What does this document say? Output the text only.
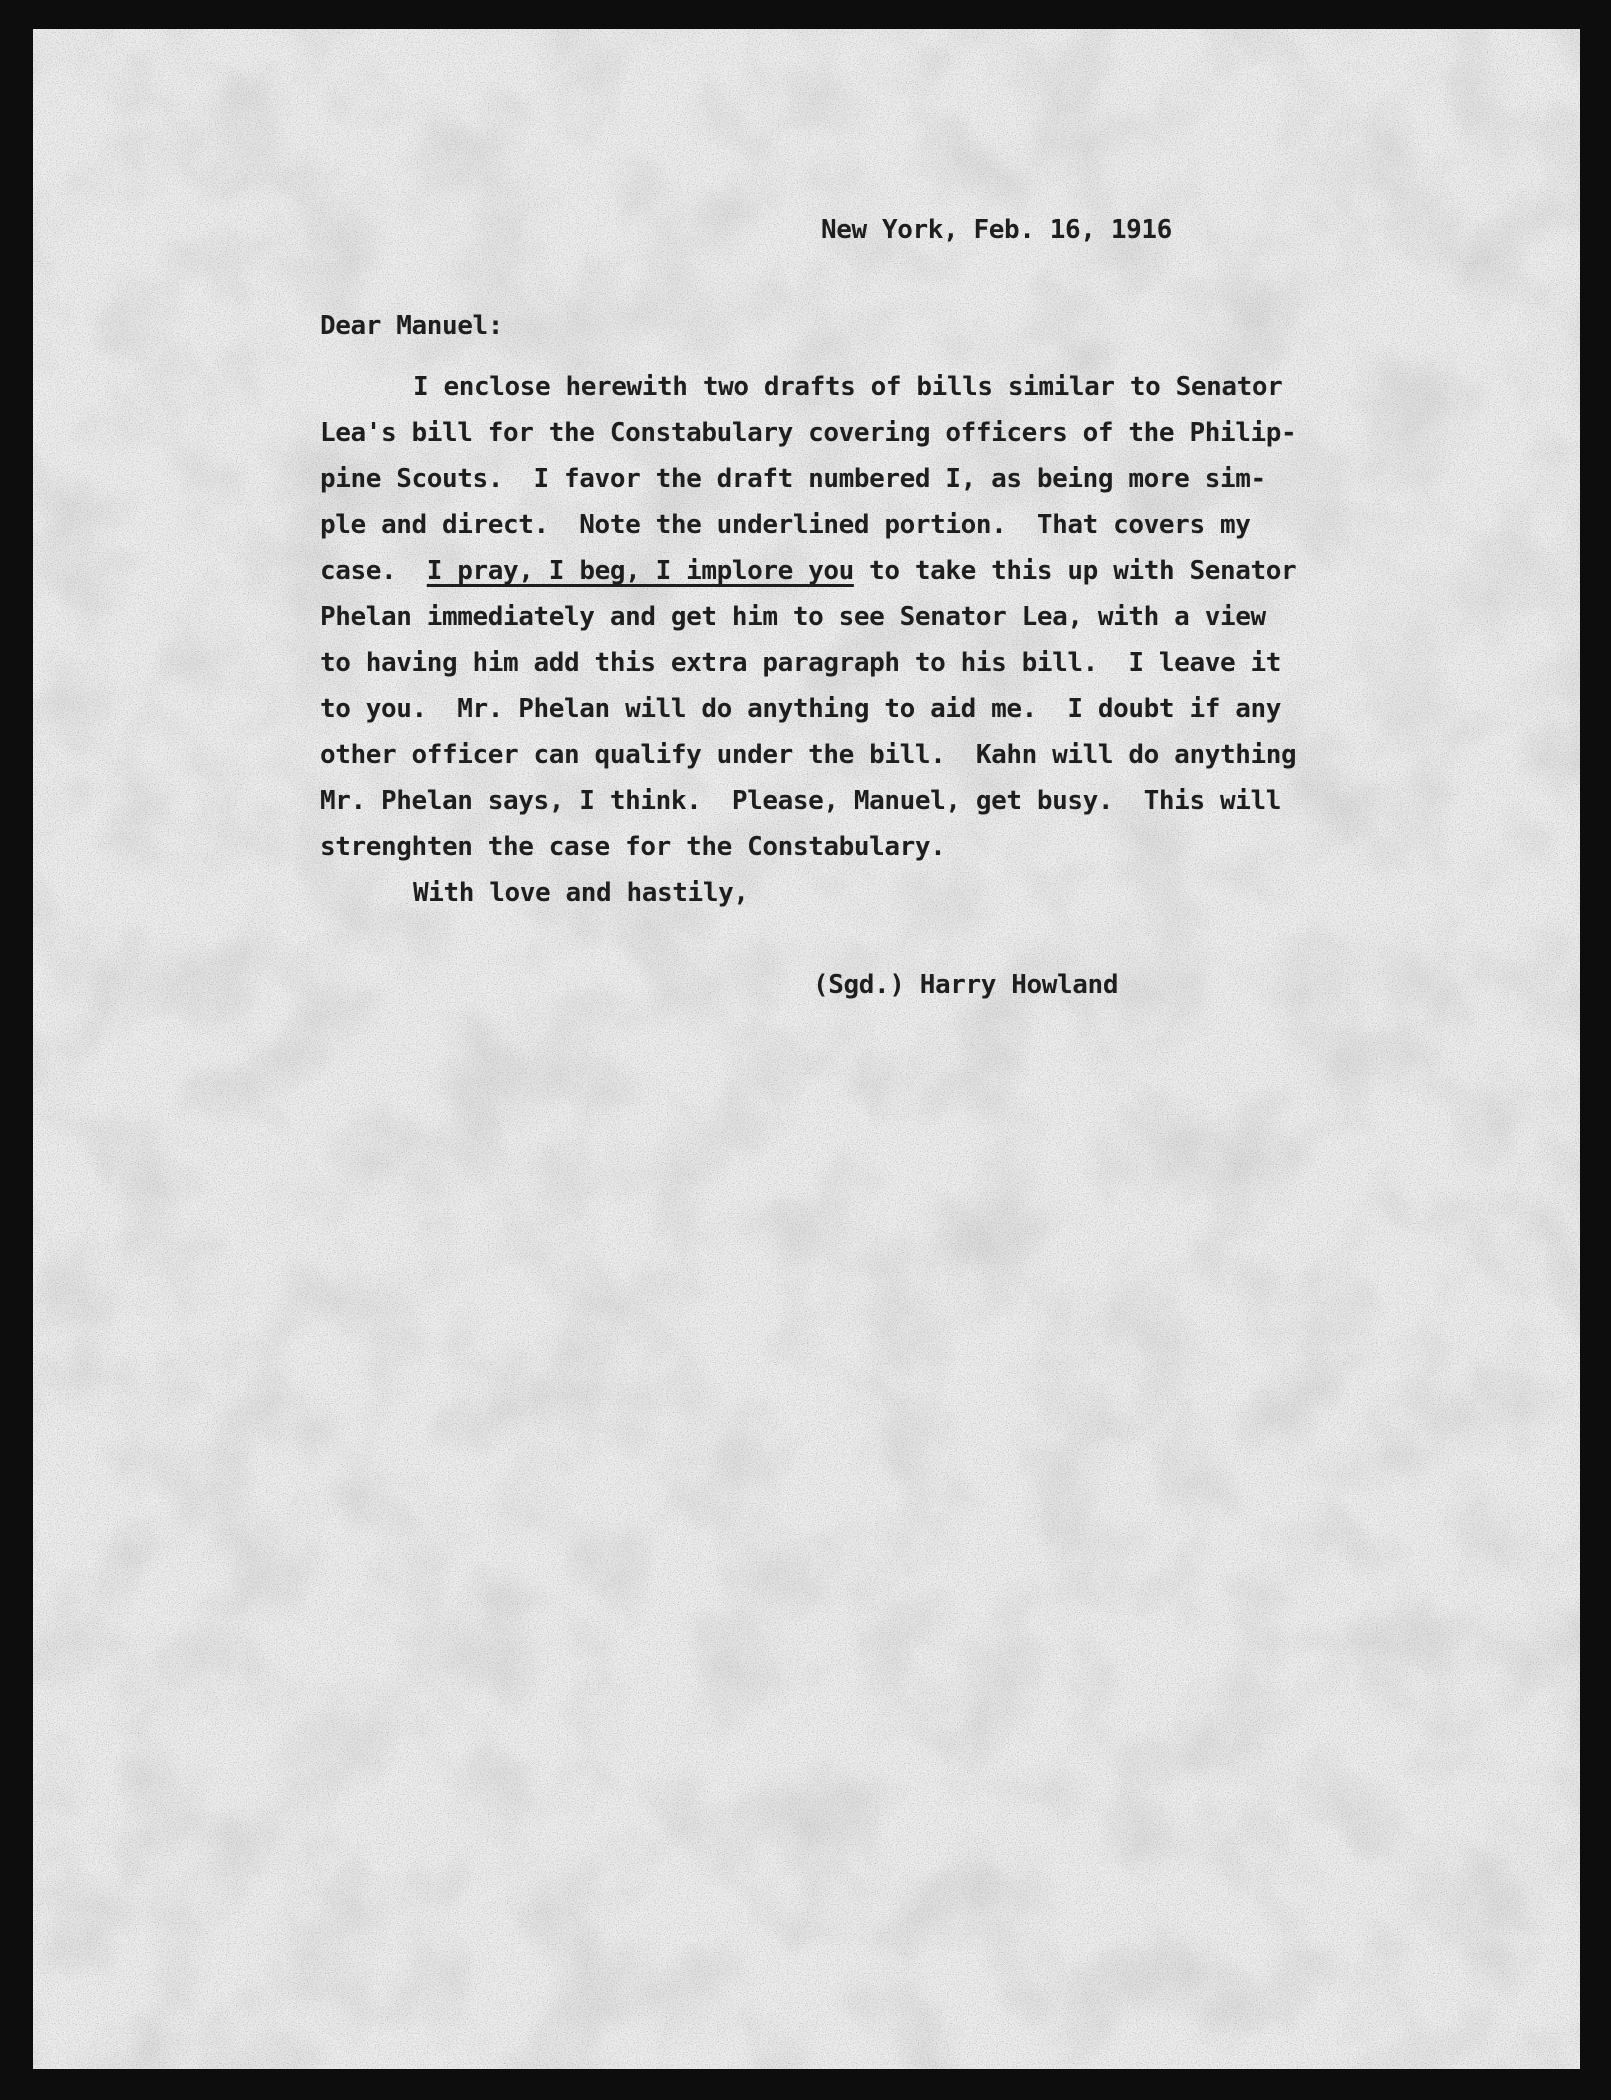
New York, Feb. 16, 1916
Dear Manuel:
I enclose herewith two drafts of bills similar to Senator
Lea's bill for the Constabulary covering officers of the Philip-
pine Scouts.  I favor the draft numbered I, as being more sim-
ple and direct.  Note the underlined portion.  That covers my
case.  I pray, I beg, I implore you to take this up with Senator
Phelan immediately and get him to see Senator Lea, with a view
to having him add this extra paragraph to his bill.  I leave it
to you.  Mr. Phelan will do anything to aid me.  I doubt if any
other officer can qualify under the bill.  Kahn will do anything
Mr. Phelan says, I think.  Please, Manuel, get busy.  This will
strenghten the case for the Constabulary.
With love and hastily,
(Sgd.) Harry Howland
